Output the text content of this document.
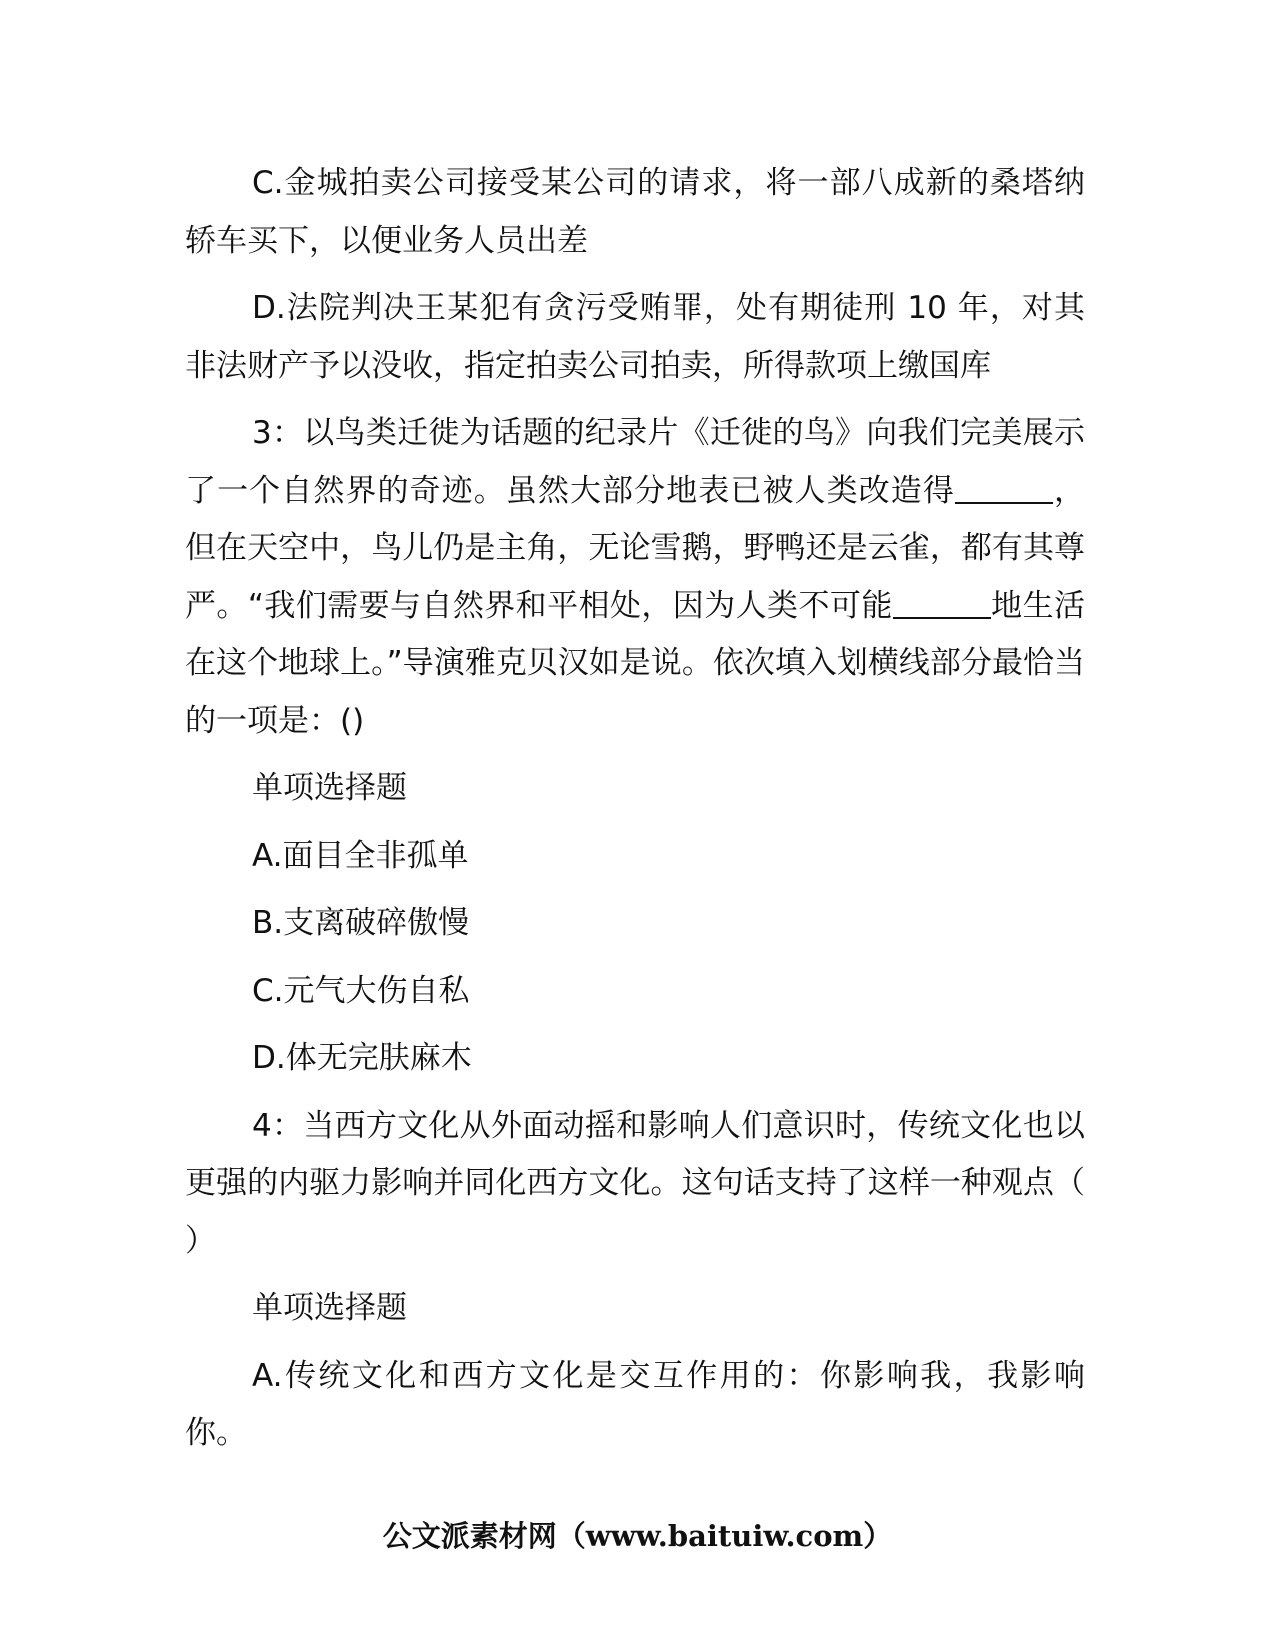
C.金城拍卖公司接受某公司的请求，将一部八成新的桑塔纳轿车买下，以便业务人员出差

D.法院判决王某犯有贪污受贿罪，处有期徒刑 10 年，对其非法财产予以没收，指定拍卖公司拍卖，所得款项上缴国库

3：以鸟类迁徙为话题的纪录片《迁徙的鸟》向我们完美展示了一个自然界的奇迹。虽然大部分地表已被人类改造得	，但在天空中，鸟儿仍是主角，无论雪鹅，野鸭还是云雀，都有其尊严。“我们需要与自然界和平相处，因为人类不可能	地生活在这个地球上。”导演雅克贝汉如是说。依次填入划横线部分最恰当的一项是：()

单项选择题

A.面目全非孤单

B.支离破碎傲慢

C.元气大伤自私

D.体无完肤麻木

4：当西方文化从外面动摇和影响人们意识时，传统文化也以更强的内驱力影响并同化西方文化。这句话支持了这样一种观点（ ）

单项选择题

A.传统文化和西方文化是交互作用的：你影响我，我影响你。

公文派素材网（www.baituiw.com）
